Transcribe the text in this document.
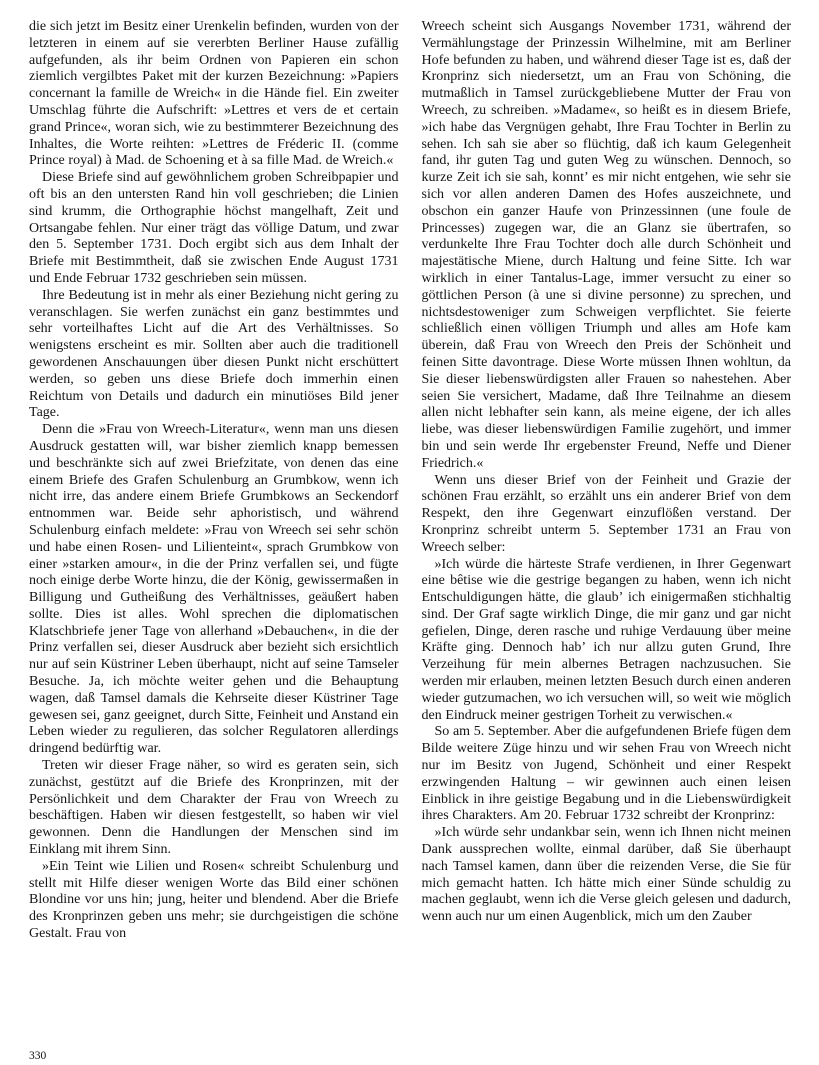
die sich jetzt im Besitz einer Urenkelin befinden, wurden von der letzteren in einem auf sie vererbten Berliner Hause zufällig aufgefunden, als ihr beim Ordnen von Papieren ein schon ziemlich vergilbtes Paket mit der kurzen Bezeichnung: »Papiers concernant la famille de Wreich« in die Hände fiel. Ein zweiter Umschlag führte die Aufschrift: »Lettres et vers de et certain grand Prince«, woran sich, wie zu bestimmterer Bezeichnung des Inhaltes, die Worte reihten: »Lettres de Fréderic II. (comme Prince royal) à Mad. de Schoening et à sa fille Mad. de Wreich.«

Diese Briefe sind auf gewöhnlichem groben Schreibpapier und oft bis an den untersten Rand hin voll geschrieben; die Linien sind krumm, die Orthographie höchst mangelhaft, Zeit und Ortsangabe fehlen. Nur einer trägt das völlige Datum, und zwar den 5. September 1731. Doch ergibt sich aus dem Inhalt der Briefe mit Bestimmtheit, daß sie zwischen Ende August 1731 und Ende Februar 1732 geschrieben sein müssen.

Ihre Bedeutung ist in mehr als einer Beziehung nicht gering zu veranschlagen. Sie werfen zunächst ein ganz bestimmtes und sehr vorteilhaftes Licht auf die Art des Verhältnisses. So wenigstens erscheint es mir. Sollten aber auch die traditionell gewordenen Anschauungen über diesen Punkt nicht erschüttert werden, so geben uns diese Briefe doch immerhin einen Reichtum von Details und dadurch ein minutiöses Bild jener Tage.

Denn die »Frau von Wreech-Literatur«, wenn man uns diesen Ausdruck gestatten will, war bisher ziemlich knapp bemessen und beschränkte sich auf zwei Briefzitate, von denen das eine einem Briefe des Grafen Schulenburg an Grumbkow, wenn ich nicht irre, das andere einem Briefe Grumbkows an Seckendorf entnommen war. Beide sehr aphoristisch, und während Schulenburg einfach meldete: »Frau von Wreech sei sehr schön und habe einen Rosen- und Lilienteint«, sprach Grumbkow von einer »starken amour«, in die der Prinz verfallen sei, und fügte noch einige derbe Worte hinzu, die der König, gewissermaßen in Billigung und Gutheißung des Verhältnisses, geäußert haben sollte. Dies ist alles. Wohl sprechen die diplomatischen Klatschbriefe jener Tage von allerhand »Debauchen«, in die der Prinz verfallen sei, dieser Ausdruck aber bezieht sich ersichtlich nur auf sein Küstriner Leben überhaupt, nicht auf seine Tamseler Besuche. Ja, ich möchte weiter gehen und die Behauptung wagen, daß Tamsel damals die Kehrseite dieser Küstriner Tage gewesen sei, ganz geeignet, durch Sitte, Feinheit und Anstand ein Leben wieder zu regulieren, das solcher Regulatoren allerdings dringend bedürftig war.

Treten wir dieser Frage näher, so wird es geraten sein, sich zunächst, gestützt auf die Briefe des Kronprinzen, mit der Persönlichkeit und dem Charakter der Frau von Wreech zu beschäftigen. Haben wir diesen festgestellt, so haben wir viel gewonnen. Denn die Handlungen der Menschen sind im Einklang mit ihrem Sinn.

»Ein Teint wie Lilien und Rosen« schreibt Schulenburg und stellt mit Hilfe dieser wenigen Worte das Bild einer schönen Blondine vor uns hin; jung, heiter und blendend. Aber die Briefe des Kronprinzen geben uns mehr; sie durchgeistigen die schöne Gestalt. Frau von

Wreech scheint sich Ausgangs November 1731, während der Vermählungstage der Prinzessin Wilhelmine, mit am Berliner Hofe befunden zu haben, und während dieser Tage ist es, daß der Kronprinz sich niedersetzt, um an Frau von Schöning, die mutmaßlich in Tamsel zurückgebliebene Mutter der Frau von Wreech, zu schreiben. »Madame«, so heißt es in diesem Briefe, »ich habe das Vergnügen gehabt, Ihre Frau Tochter in Berlin zu sehen. Ich sah sie aber so flüchtig, daß ich kaum Gelegenheit fand, ihr guten Tag und guten Weg zu wünschen. Dennoch, so kurze Zeit ich sie sah, konnt’ es mir nicht entgehen, wie sehr sie sich vor allen anderen Damen des Hofes auszeichnete, und obschon ein ganzer Haufe von Prinzessinnen (une foule de Princesses) zugegen war, die an Glanz sie übertrafen, so verdunkelte Ihre Frau Tochter doch alle durch Schönheit und majestätische Miene, durch Haltung und feine Sitte. Ich war wirklich in einer Tantalus-Lage, immer versucht zu einer so göttlichen Person (à une si divine personne) zu sprechen, und nichtsdestoweniger zum Schweigen verpflichtet. Sie feierte schließlich einen völligen Triumph und alles am Hofe kam überein, daß Frau von Wreech den Preis der Schönheit und feinen Sitte davontrage. Diese Worte müssen Ihnen wohltun, da Sie dieser liebenswürdigsten aller Frauen so nahestehen. Aber seien Sie versichert, Madame, daß Ihre Teilnahme an diesem allen nicht lebhafter sein kann, als meine eigene, der ich alles liebe, was dieser liebenswürdigen Familie zugehört, und immer bin und sein werde Ihr ergebenster Freund, Neffe und Diener Friedrich.«

Wenn uns dieser Brief von der Feinheit und Grazie der schönen Frau erzählt, so erzählt uns ein anderer Brief von dem Respekt, den ihre Gegenwart einzuflößen verstand. Der Kronprinz schreibt unterm 5. September 1731 an Frau von Wreech selber:

»Ich würde die härteste Strafe verdienen, in Ihrer Gegenwart eine bêtise wie die gestrige begangen zu haben, wenn ich nicht Entschuldigungen hätte, die glaub’ ich einigermaßen stichhaltig sind. Der Graf sagte wirklich Dinge, die mir ganz und gar nicht gefielen, Dinge, deren rasche und ruhige Verdauung über meine Kräfte ging. Dennoch hab’ ich nur allzu guten Grund, Ihre Verzeihung für mein albernes Betragen nachzusuchen. Sie werden mir erlauben, meinen letzten Besuch durch einen anderen wieder gutzumachen, wo ich versuchen will, so weit wie möglich den Eindruck meiner gestrigen Torheit zu verwischen.«

So am 5. September. Aber die aufgefundenen Briefe fügen dem Bilde weitere Züge hinzu und wir sehen Frau von Wreech nicht nur im Besitz von Jugend, Schönheit und einer Respekt erzwingenden Haltung – wir gewinnen auch einen leisen Einblick in ihre geistige Begabung und in die Liebenswürdigkeit ihres Charakters. Am 20. Februar 1732 schreibt der Kronprinz:

»Ich würde sehr undankbar sein, wenn ich Ihnen nicht meinen Dank aussprechen wollte, einmal darüber, daß Sie überhaupt nach Tamsel kamen, dann über die reizenden Verse, die Sie für mich gemacht hatten. Ich hätte mich einer Sünde schuldig zu machen geglaubt, wenn ich die Verse gleich gelesen und dadurch, wenn auch nur um einen Augenblick, mich um den Zauber

330
